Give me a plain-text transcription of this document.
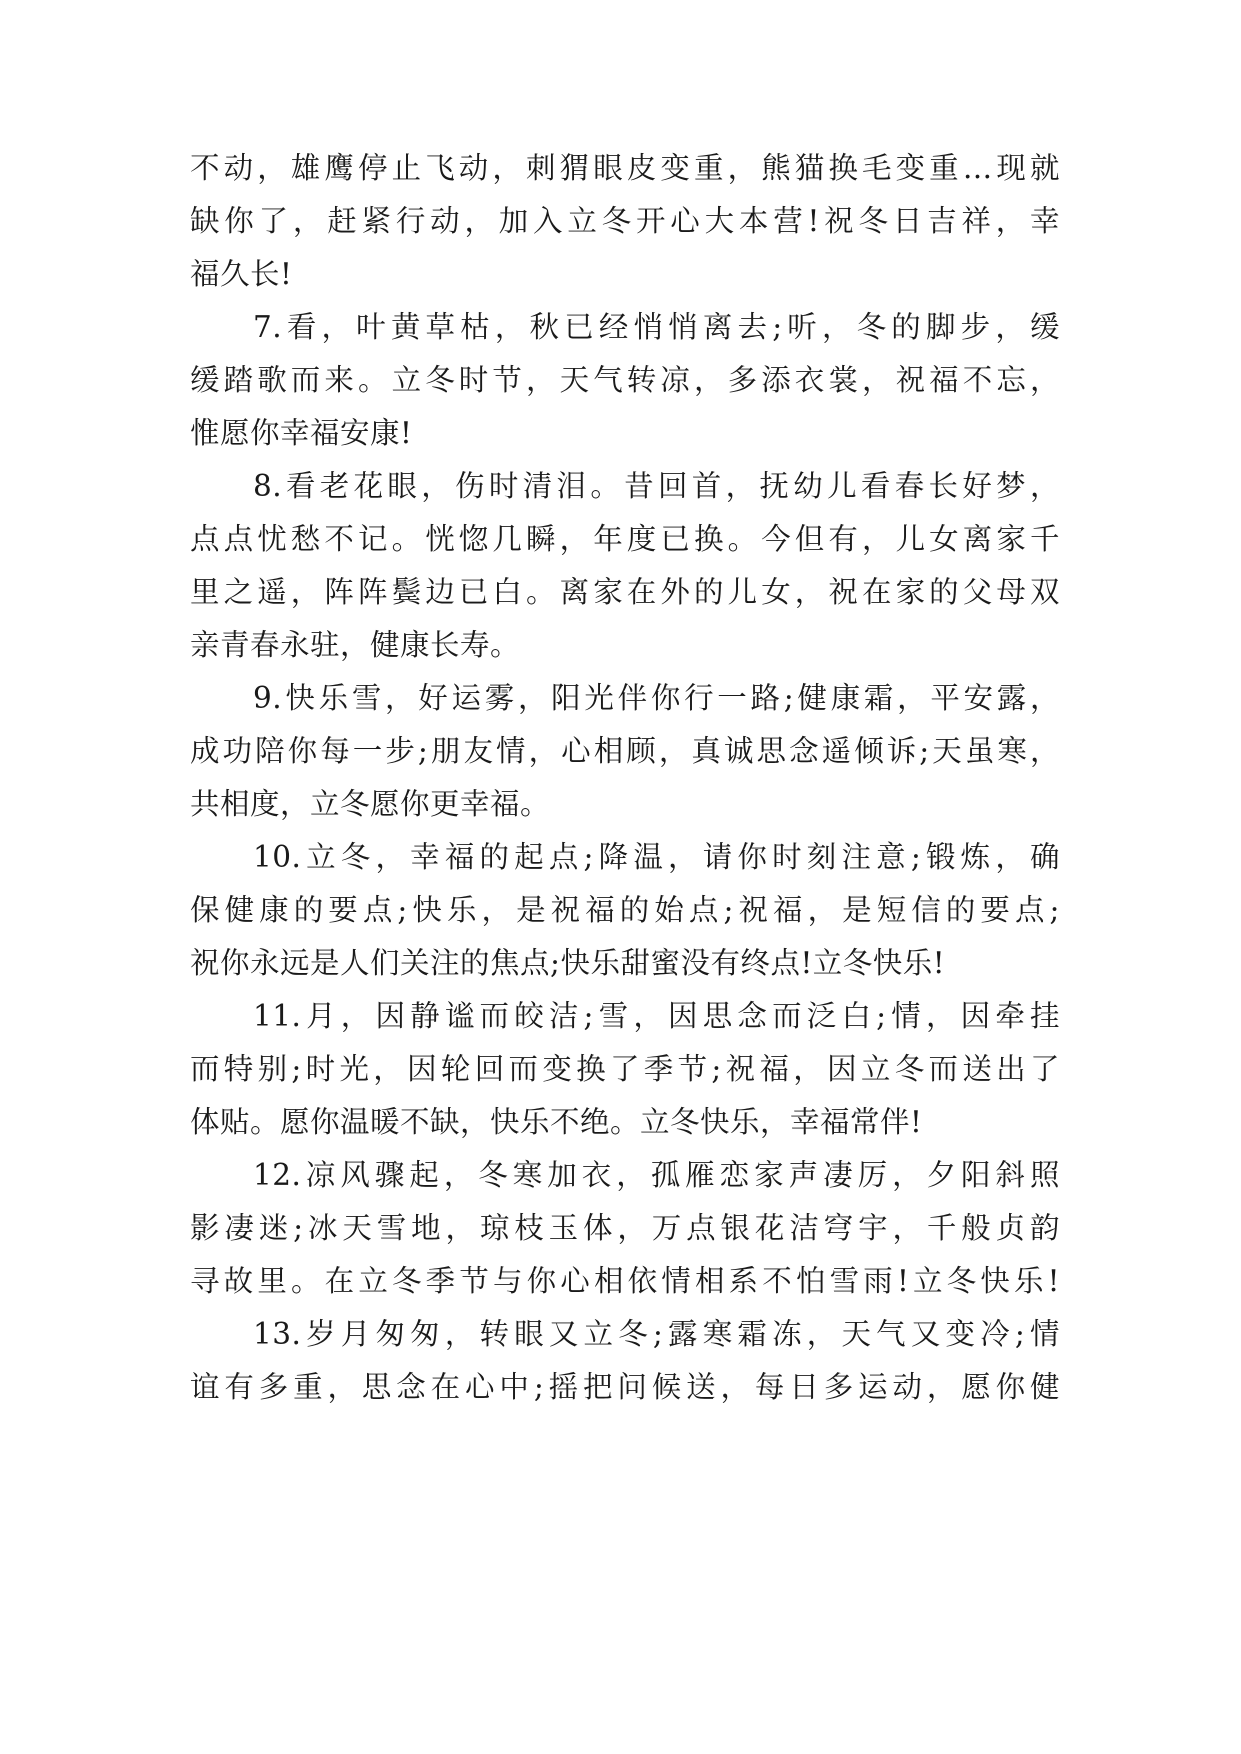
不动，雄鹰停止飞动，刺猬眼皮变重，熊猫换毛变重…现就
缺你了，赶紧行动，加入立冬开心大本营!祝冬日吉祥，幸
福久长!
7.看，叶黄草枯，秋已经悄悄离去;听，冬的脚步，缓
缓踏歌而来。立冬时节，天气转凉，多添衣裳，祝福不忘，
惟愿你幸福安康!
8.看老花眼，伤时清泪。昔回首，抚幼儿看春长好梦，
点点忧愁不记。恍惚几瞬，年度已换。今但有，儿女离家千
里之遥，阵阵鬓边已白。离家在外的儿女，祝在家的父母双
亲青春永驻，健康长寿。
9.快乐雪，好运雾，阳光伴你行一路;健康霜，平安露，
成功陪你每一步;朋友情，心相顾，真诚思念遥倾诉;天虽寒，
共相度，立冬愿你更幸福。
10.立冬，幸福的起点;降温，请你时刻注意;锻炼，确
保健康的要点;快乐，是祝福的始点;祝福，是短信的要点;
祝你永远是人们关注的焦点;快乐甜蜜没有终点!立冬快乐!
11.月，因静谧而皎洁;雪，因思念而泛白;情，因牵挂
而特别;时光，因轮回而变换了季节;祝福，因立冬而送出了
体贴。愿你温暖不缺，快乐不绝。立冬快乐，幸福常伴!
12.凉风骤起，冬寒加衣，孤雁恋家声凄厉，夕阳斜照
影凄迷;冰天雪地，琼枝玉体，万点银花洁穹宇，千般贞韵
寻故里。在立冬季节与你心相依情相系不怕雪雨!立冬快乐!
13.岁月匆匆，转眼又立冬;露寒霜冻，天气又变冷;情
谊有多重，思念在心中;摇把问候送，每日多运动，愿你健
